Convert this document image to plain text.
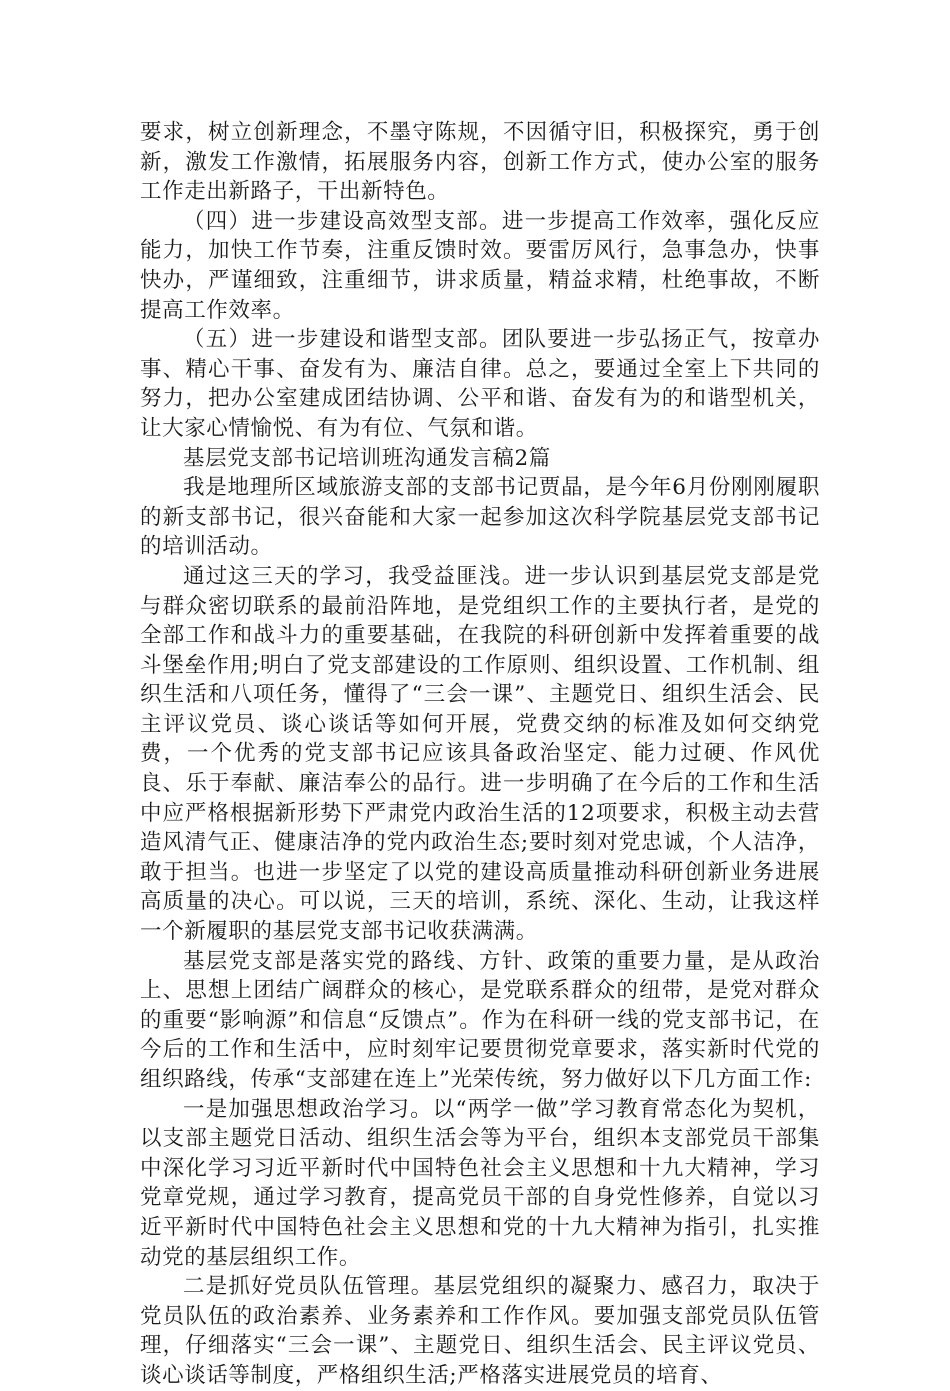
要求，树立创新理念，不墨守陈规，不因循守旧，积极探究，勇于创新，激发工作激情，拓展服务内容，创新工作方式，使办公室的服务工作走出新路子，干出新特色。

（四）进一步建设高效型支部。进一步提高工作效率，强化反应能力，加快工作节奏，注重反馈时效。要雷厉风行，急事急办，快事快办，严谨细致，注重细节，讲求质量，精益求精，杜绝事故，不断提高工作效率。

（五）进一步建设和谐型支部。团队要进一步弘扬正气，按章办事、精心干事、奋发有为、廉洁自律。总之，要通过全室上下共同的努力，把办公室建成团结协调、公平和谐、奋发有为的和谐型机关，让大家心情愉悦、有为有位、气氛和谐。

基层党支部书记培训班沟通发言稿2篇

我是地理所区域旅游支部的支部书记贾晶，是今年6月份刚刚履职的新支部书记，很兴奋能和大家一起参加这次科学院基层党支部书记的培训活动。

通过这三天的学习，我受益匪浅。进一步认识到基层党支部是党与群众密切联系的最前沿阵地，是党组织工作的主要执行者，是党的全部工作和战斗力的重要基础，在我院的科研创新中发挥着重要的战斗堡垒作用;明白了党支部建设的工作原则、组织设置、工作机制、组织生活和八项任务，懂得了“三会一课”、主题党日、组织生活会、民主评议党员、谈心谈话等如何开展，党费交纳的标准及如何交纳党费，一个优秀的党支部书记应该具备政治坚定、能力过硬、作风优良、乐于奉献、廉洁奉公的品行。进一步明确了在今后的工作和生活中应严格根据新形势下严肃党内政治生活的12项要求，积极主动去营造风清气正、健康洁净的党内政治生态;要时刻对党忠诚，个人洁净，敢于担当。也进一步坚定了以党的建设高质量推动科研创新业务进展高质量的决心。可以说，三天的培训，系统、深化、生动，让我这样一个新履职的基层党支部书记收获满满。

基层党支部是落实党的路线、方针、政策的重要力量，是从政治上、思想上团结广阔群众的核心，是党联系群众的纽带，是党对群众的重要“影响源”和信息“反馈点”。作为在科研一线的党支部书记，在今后的工作和生活中，应时刻牢记要贯彻党章要求，落实新时代党的组织路线，传承“支部建在连上”光荣传统，努力做好以下几方面工作:

一是加强思想政治学习。以“两学一做”学习教育常态化为契机，以支部主题党日活动、组织生活会等为平台，组织本支部党员干部集中深化学习习近平新时代中国特色社会主义思想和十九大精神，学习党章党规，通过学习教育，提高党员干部的自身党性修养，自觉以习近平新时代中国特色社会主义思想和党的十九大精神为指引，扎实推动党的基层组织工作。

二是抓好党员队伍管理。基层党组织的凝聚力、感召力，取决于党员队伍的政治素养、业务素养和工作作风。要加强支部党员队伍管理，仔细落实“三会一课”、主题党日、组织生活会、民主评议党员、谈心谈话等制度，严格组织生活;严格落实进展党员的培育、
